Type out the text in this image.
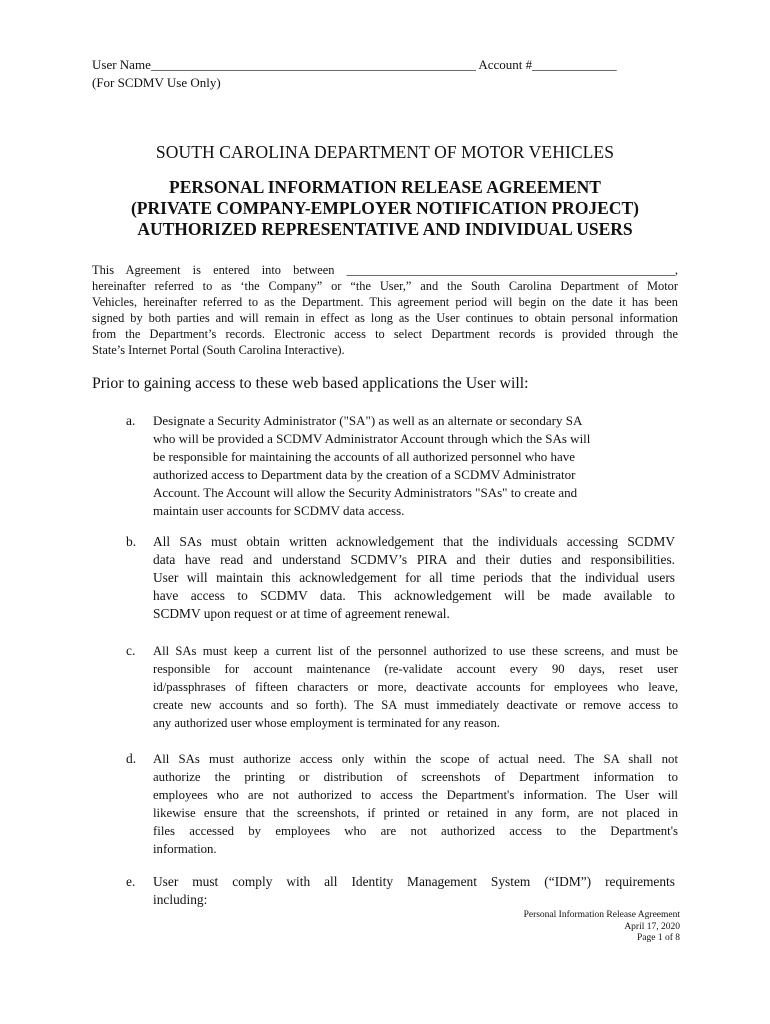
User Name__________________________________________________ Account #_____________
(For SCDMV Use Only)
SOUTH CAROLINA DEPARTMENT OF MOTOR VEHICLES
PERSONAL INFORMATION RELEASE AGREEMENT
(PRIVATE COMPANY-EMPLOYER NOTIFICATION PROJECT)
AUTHORIZED REPRESENTATIVE AND INDIVIDUAL USERS
This Agreement is entered into between _____________________________________________________,
hereinafter referred to as ‘the Company” or “the User,” and the South Carolina Department of Motor
Vehicles, hereinafter referred to as the Department. This agreement period will begin on the date it has been
signed by both parties and will remain in effect as long as the User continues to obtain personal information
from the Department’s records. Electronic access to select Department records is provided through the
State’s Internet Portal (South Carolina Interactive).
Prior to gaining access to these web based applications the User will:
a. Designate a Security Administrator ("SA") as well as an alternate or secondary SA
who will be provided a SCDMV Administrator Account through which the SAs will
be responsible for maintaining the accounts of all authorized personnel who have
authorized access to Department data by the creation of a SCDMV Administrator
Account. The Account will allow the Security Administrators "SAs" to create and
maintain user accounts for SCDMV data access.
b. All SAs must obtain written acknowledgement that the individuals accessing SCDMV
data have read and understand SCDMV’s PIRA and their duties and responsibilities.
User will maintain this acknowledgement for all time periods that the individual users
have access to SCDMV data. This acknowledgement will be made available to
SCDMV upon request or at time of agreement renewal.
c. All SAs must keep a current list of the personnel authorized to use these screens, and must be
responsible for account maintenance (re-validate account every 90 days, reset user
id/passphrases of fifteen characters or more, deactivate accounts for employees who leave,
create new accounts and so forth). The SA must immediately deactivate or remove access to
any authorized user whose employment is terminated for any reason.
d. All SAs must authorize access only within the scope of actual need. The SA shall not
authorize the printing or distribution of screenshots of Department information to
employees who are not authorized to access the Department's information. The User will
likewise ensure that the screenshots, if printed or retained in any form, are not placed in
files accessed by employees who are not authorized access to the Department's
information.
e. User must comply with all Identity Management System (“IDM”) requirements
including:
Personal Information Release Agreement
April 17, 2020
Page 1 of 8
